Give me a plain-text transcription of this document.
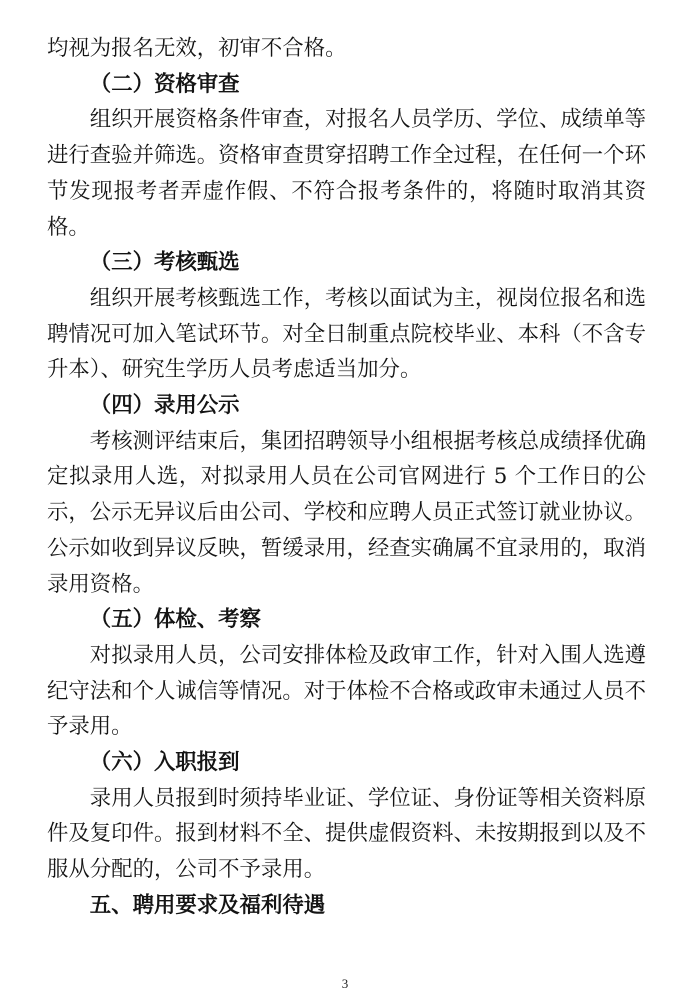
均视为报名无效，初审不合格。

（二）资格审查

组织开展资格条件审查，对报名人员学历、学位、成绩单等进行查验并筛选。资格审查贯穿招聘工作全过程，在任何一个环节发现报考者弄虚作假、不符合报考条件的，将随时取消其资格。

（三）考核甄选

组织开展考核甄选工作，考核以面试为主，视岗位报名和选聘情况可加入笔试环节。对全日制重点院校毕业、本科（不含专升本）、研究生学历人员考虑适当加分。

（四）录用公示

考核测评结束后，集团招聘领导小组根据考核总成绩择优确定拟录用人选，对拟录用人员在公司官网进行 5 个工作日的公示，公示无异议后由公司、学校和应聘人员正式签订就业协议。公示如收到异议反映，暂缓录用，经查实确属不宜录用的，取消录用资格。

（五）体检、考察

对拟录用人员，公司安排体检及政审工作，针对入围人选遵纪守法和个人诚信等情况。对于体检不合格或政审未通过人员不予录用。

（六）入职报到

录用人员报到时须持毕业证、学位证、身份证等相关资料原件及复印件。报到材料不全、提供虚假资料、未按期报到以及不服从分配的，公司不予录用。

五、聘用要求及福利待遇

3
